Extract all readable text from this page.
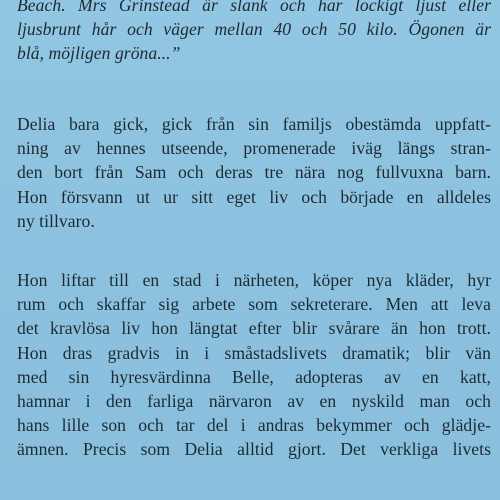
Beach. Mrs Grinstead är slank och har lockigt ljust eller
ljusbrunt hår och väger mellan 40 och 50 kilo. Ögonen är
blå, möjligen gröna...”
Delia bara gick, gick från sin familjs obestämda uppfatt-
ning av hennes utseende, promenerade iväg längs stran-
den bort från Sam och deras tre nära nog fullvuxna barn.
Hon försvann ut ur sitt eget liv och började en alldeles
ny tillvaro.
Hon liftar till en stad i närheten, köper nya kläder, hyr
rum och skaffar sig arbete som sekreterare. Men att leva
det kravlösa liv hon längtat efter blir svårare än hon trott.
Hon dras gradvis in i småstadslivets dramatik; blir vän
med sin hyresvärdinna Belle, adopteras av en katt,
hamnar i den farliga närvaron av en nyskild man och
hans lille son och tar del i andras bekymmer och glädje-
ämnen. Precis som Delia alltid gjort. Det verkliga livets
